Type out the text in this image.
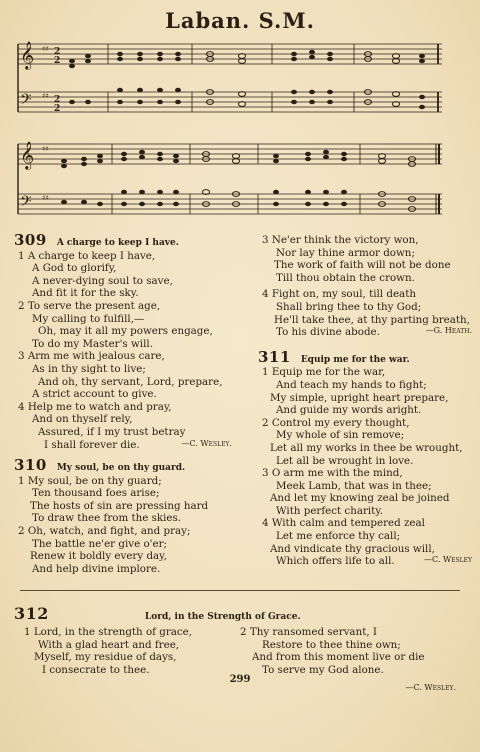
Laban. S.M.
𝄞
𝄢
♯♯
♯♯
2
2
2
2
𝄞
𝄢
♯♯
♯♯
309 A charge to keep I have.
1 A charge to keep I have,
A God to glorify,
A never-dying soul to save,
And fit it for the sky.
2 To serve the present age,
My calling to fulfill,—
Oh, may it all my powers engage,
To do my Master's will.
3 Arm me with jealous care,
As in thy sight to live;
And oh, thy servant, Lord, prepare,
A strict account to give.
4 Help me to watch and pray,
And on thyself rely,
Assured, if I my trust betray
I shall forever die.	—C. Wesley.
310 My soul, be on thy guard.
1 My soul, be on thy guard;
Ten thousand foes arise;
The hosts of sin are pressing hard
To draw thee from the skies.
2 Oh, watch, and fight, and pray;
The battle ne'er give o'er;
Renew it boldly every day,
And help divine implore.
3 Ne'er think the victory won,
Nor lay thine armor down;
The work of faith will not be done
Till thou obtain the crown.
4 Fight on, my soul, till death
Shall bring thee to thy God;
He'll take thee, at thy parting breath,
To his divine abode.	—G. Heath.
311 Equip me for the war.
1 Equip me for the war,
And teach my hands to fight;
My simple, upright heart prepare,
And guide my words aright.
2 Control my every thought,
My whole of sin remove;
Let all my works in thee be wrought,
Let all be wrought in love.
3 O arm me with the mind,
Meek Lamb, that was in thee;
And let my knowing zeal be joined
With perfect charity.
4 With calm and tempered zeal
Let me enforce thy call;
And vindicate thy gracious will,
Which offers life to all.	—C. Wesley
312	Lord, in the Strength of Grace.
1 Lord, in the strength of grace,
With a glad heart and free,
Myself, my residue of days,
I consecrate to thee.
2 Thy ransomed servant, I
Restore to thee thine own;
And from this moment live or die
To serve my God alone.
—C. Wesley.
299
